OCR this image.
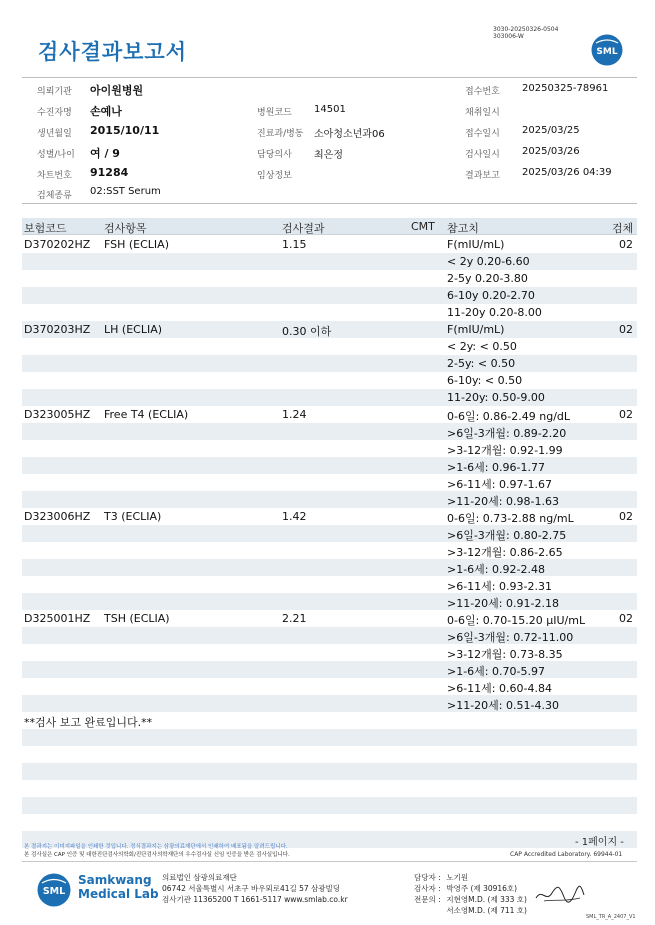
검사결과보고서
3030-20250326-0504
303006-W
SML
의뢰기관 아이원병원
수진자명 손예나
생년월일 2015/10/11
성별/나이 여 / 9
차트번호 91284
검체종류 02:SST Serum
병원코드 14501
진료과/병동 소아청소년과06
담당의사 최은정
임상정보
접수번호 20250325-78961
채취일시
접수일시 2025/03/25
검사일시 2025/03/26
결과보고 2025/03/26 04:39
보험코드	검사항목	검사결과	CMT 참고치	검체
D370202HZ FSH (ECLIA)	1.15	F(mIU/mL)	02
< 2y 0.20-6.60
2-5y 0.20-3.80
6-10y 0.20-2.70
11-20y 0.20-8.00
D370203HZ LH (ECLIA)	0.30 이하	F(mIU/mL)	02
< 2y: < 0.50
2-5y: < 0.50
6-10y: < 0.50
11-20y: 0.50-9.00
D323005HZ Free T4 (ECLIA)	1.24	0-6일: 0.86-2.49 ng/dL	02
>6일-3개월: 0.89-2.20
>3-12개월: 0.92-1.99
>1-6세: 0.96-1.77
>6-11세: 0.97-1.67
>11-20세: 0.98-1.63
D323006HZ T3 (ECLIA)	1.42	0-6일: 0.73-2.88 ng/mL	02
>6일-3개월: 0.80-2.75
>3-12개월: 0.86-2.65
>1-6세: 0.92-2.48
>6-11세: 0.93-2.31
>11-20세: 0.91-2.18
D325001HZ TSH (ECLIA)	2.21	0-6일: 0.70-15.20 μIU/mL	02
>6일-3개월: 0.72-11.00
>3-12개월: 0.73-8.35
>1-6세: 0.70-5.97
>6-11세: 0.60-4.84
>11-20세: 0.51-4.30
**검사 보고 완료입니다.**
본 결과지는 이미지파일을 인쇄한 것입니다. 정식결과지는 삼광의료재단에서 인쇄하여 배포됨을 알려드립니다.
본 검사실은 CAP 인증 및 대한진단검사의학회/진단검사의학재단의 우수검사실 신임 인증을 받은 검사실입니다.
- 1페이지 -
CAP Accredited Laboratory. 69944-01
SML
Samkwang
Medical Lab
의료법인 삼광의료재단
06742 서울특별시 서초구 바우뫼로41길 57 삼광빌딩
검사기관 11365200 T 1661-5117 www.smlab.co.kr
담당자 : 노기원
검사자 : 박영주 (제 30916호)
전문의 : 지현영M.D. (제 333 호)
서소영M.D. (제 711 호)
SML_TR_A_2407_V1
